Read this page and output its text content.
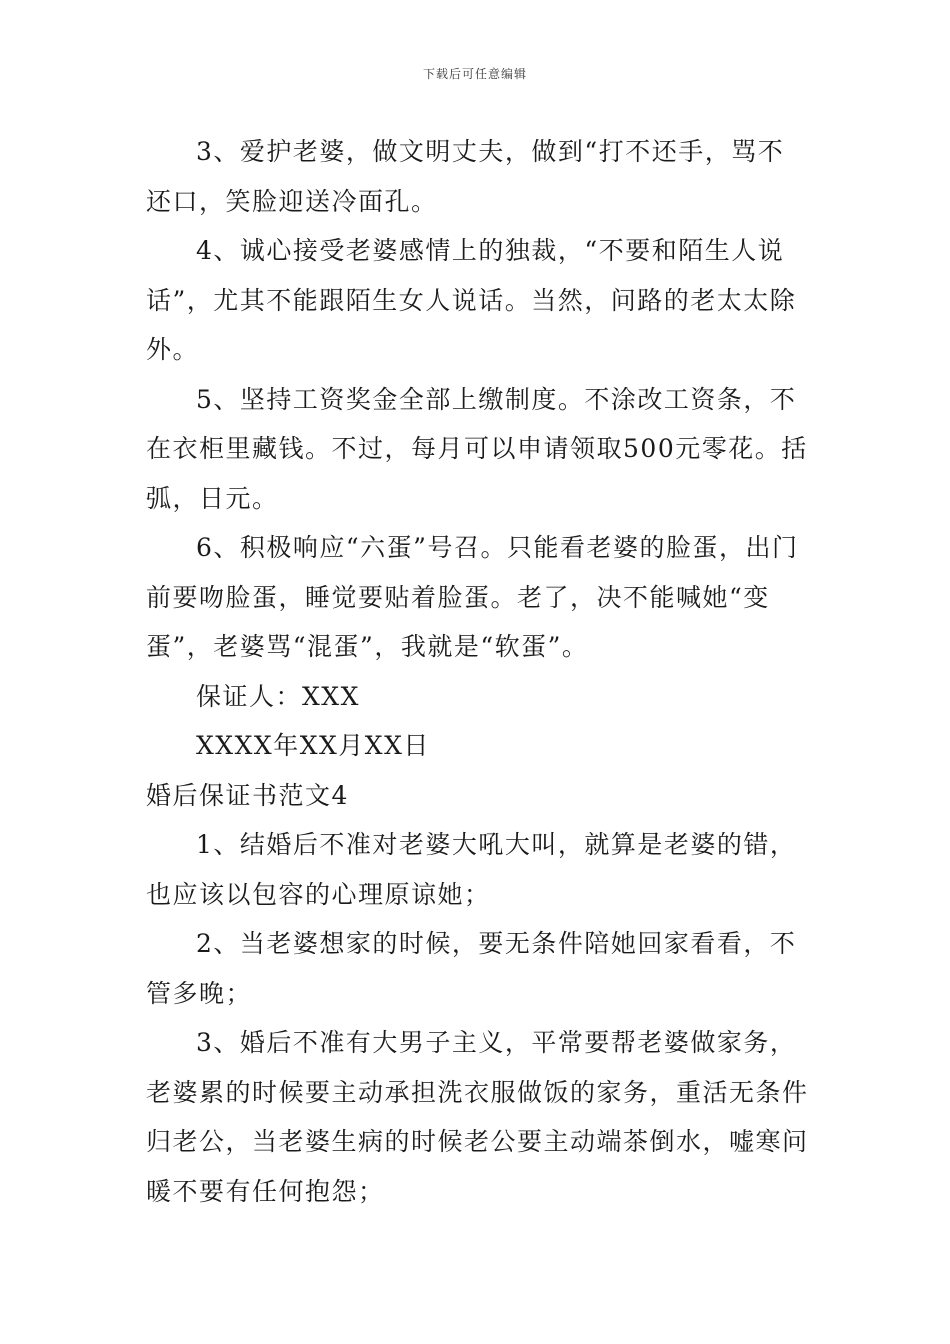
下载后可任意编辑

3、爱护老婆，做文明丈夫，做到“打不还手，骂不还口，笑脸迎送冷面孔。

4、诚心接受老婆感情上的独裁，“不要和陌生人说话”，尤其不能跟陌生女人说话。当然，问路的老太太除外。

5、坚持工资奖金全部上缴制度。不涂改工资条，不在衣柜里藏钱。不过，每月可以申请领取500元零花。括弧，日元。

6、积极响应“六蛋”号召。只能看老婆的脸蛋，出门前要吻脸蛋，睡觉要贴着脸蛋。老了，决不能喊她“变蛋”，老婆骂“混蛋”，我就是“软蛋”。

保证人：XXX

XXXX年XX月XX日

婚后保证书范文4

1、结婚后不准对老婆大吼大叫，就算是老婆的错，也应该以包容的心理原谅她；

2、当老婆想家的时候，要无条件陪她回家看看，不管多晚；

3、婚后不准有大男子主义，平常要帮老婆做家务，老婆累的时候要主动承担洗衣服做饭的家务，重活无条件归老公，当老婆生病的时候老公要主动端茶倒水，嘘寒问暖不要有任何抱怨；
